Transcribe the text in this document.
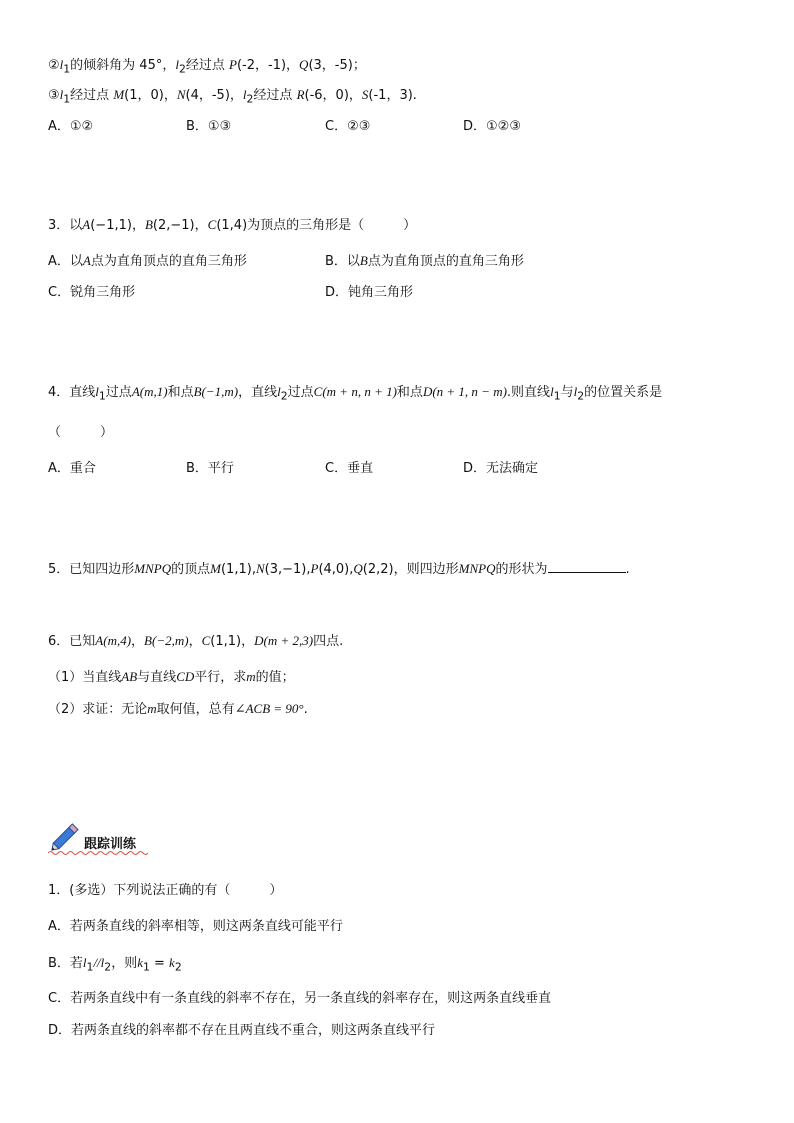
$②l_1$的倾斜角为 45°，$l_2$经过点 P(-2，-1)，Q(3，-5)；
$③l_1$经过点 M(1，0)，N(4，-5)，$l_2$经过点 R(-6，0)，S(-1，3).
A．①②	B．①③	C．②③	D．①②③
3．以A(−1,1)，B(2,−1)，C(1,4)为顶点的三角形是（　　　）
A．以A点为直角顶点的直角三角形	B．以B点为直角顶点的直角三角形
C．锐角三角形	D．钝角三角形
4．直线$l_1$过点A(m,1)和点B(−1,m)，直线$l_2$过点C(m + n, n + 1)和点D(n + 1, n − m).则直线$l_1$与$l_2$的位置关系是
（　　　）
A．重合	B．平行	C．垂直	D．无法确定
5．已知四边形MNPQ的顶点M(1,1),N(3,−1),P(4,0),Q(2,2)，则四边形MNPQ的形状为	.
6．已知A(m,4)，B(−2,m)，C(1,1)，D(m + 2,3)四点.
（1）当直线AB与直线CD平行，求m的值；
（2）求证：无论m取何值，总有∠ACB = 90°.
跟踪训练
1．(多选）下列说法正确的有（　　　）
A．若两条直线的斜率相等，则这两条直线可能平行
B．若$l_1//l_2$，则$k_1 = k_2$
C．若两条直线中有一条直线的斜率不存在，另一条直线的斜率存在，则这两条直线垂直
D．若两条直线的斜率都不存在且两直线不重合，则这两条直线平行
